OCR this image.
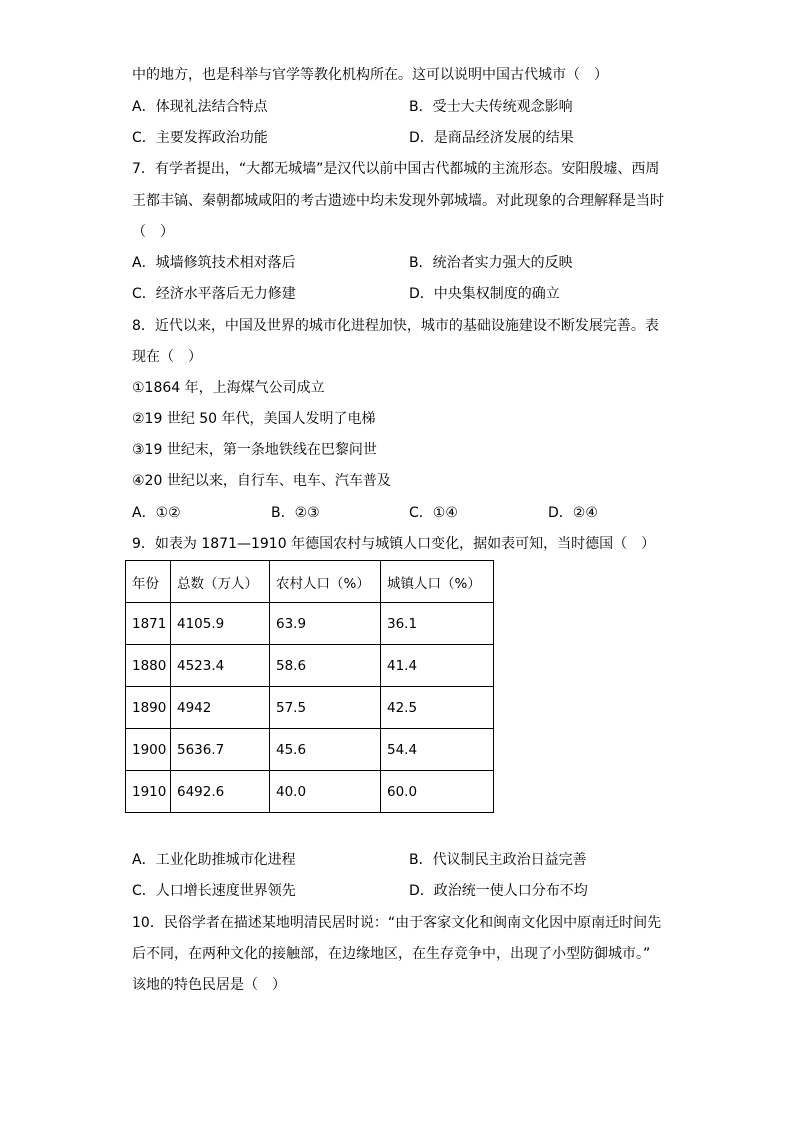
中的地方，也是科举与官学等教化机构所在。这可以说明中国古代城市（　）
A．体现礼法结合特点	B．受士大夫传统观念影响
C．主要发挥政治功能	D．是商品经济发展的结果
7．有学者提出，“大都无城墙”是汉代以前中国古代都城的主流形态。安阳殷墟、西周
王都丰镐、秦朝都城咸阳的考古遗迹中均未发现外郭城墙。对此现象的合理解释是当时
（　）
A．城墙修筑技术相对落后	B．统治者实力强大的反映
C．经济水平落后无力修建	D．中央集权制度的确立
8．近代以来，中国及世界的城市化进程加快，城市的基础设施建设不断发展完善。表
现在（　）
①1864 年，上海煤气公司成立
②19 世纪 50 年代，美国人发明了电梯
③19 世纪末，第一条地铁线在巴黎问世
④20 世纪以来，自行车、电车、汽车普及
A．①②	B．②③	C．①④	D．②④
9．如表为 1871—1910 年德国农村与城镇人口变化，据如表可知，当时德国（　）
年份	总数（万人）	农村人口（%）	城镇人口（%）
1871	4105.9	63.9	36.1
1880	4523.4	58.6	41.4
1890	4942	57.5	42.5
1900	5636.7	45.6	54.4
1910	6492.6	40.0	60.0
A．工业化助推城市化进程	B．代议制民主政治日益完善
C．人口增长速度世界领先	D．政治统一使人口分布不均
10．民俗学者在描述某地明清民居时说：“由于客家文化和闽南文化因中原南迁时间先
后不同，在两种文化的接触部，在边缘地区，在生存竞争中，出现了小型防御城市。”
该地的特色民居是（　）
